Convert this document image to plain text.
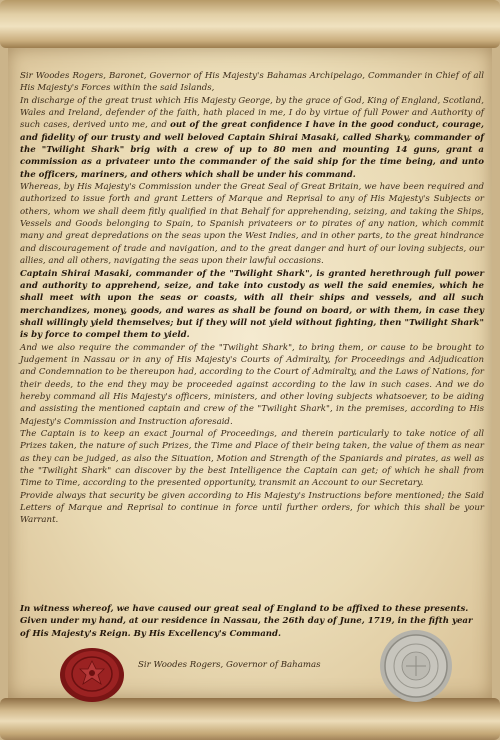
Sir Woodes Rogers, Baronet, Governor of His Majesty's Bahamas Archipelago, Commander in Chief of all His Majesty's Forces within the said Islands,

In discharge of the great trust which His Majesty George, by the grace of God, King of England, Scotland, Wales and Ireland, defender of the faith, hath placed in me, I do by virtue of full Power and Authority of such cases, derived unto me, and out of the great confidence I have in the good conduct, courage, and fidelity of our trusty and well beloved Captain Shirai Masaki, called Sharky, commander of the "Twilight Shark" brig with a crew of up to 80 men and mounting 14 guns, grant a commission as a privateer unto the commander of the said ship for the time being, and unto the officers, mariners, and others which shall be under his command.

Whereas, by His Majesty's Commission under the Great Seal of Great Britain, we have been required and authorized to issue forth and grant Letters of Marque and Reprisal to any of His Majesty's Subjects or others, whom we shall deem fitly qualified in that Behalf for apprehending, seizing, and taking the Ships, Vessels and Goods belonging to Spain, to Spanish privateers or to pirates of any nation, which commit many and great depredations on the seas upon the West Indies, and in other parts, to the great hindrance and discouragement of trade and navigation, and to the great danger and hurt of our loving subjects, our allies, and all others, navigating the seas upon their lawful occasions.

Captain Shirai Masaki, commander of the "Twilight Shark", is granted herethrough full power and authority to apprehend, seize, and take into custody as well the said enemies, which he shall meet with upon the seas or coasts, with all their ships and vessels, and all such merchandizes, money, goods, and wares as shall be found on board, or with them, in case they shall willingly yield themselves; but if they will not yield without fighting, then "Twilight Shark" is by force to compel them to yield.

And we also require the commander of the "Twilight Shark", to bring them, or cause to be brought to Judgement in Nassau or in any of His Majesty's Courts of Admiralty, for Proceedings and Adjudication and Condemnation to be thereupon had, according to the Court of Admiralty, and the Laws of Nations, for their deeds, to the end they may be proceeded against according to the law in such cases. And we do hereby command all His Majesty's officers, ministers, and other loving subjects whatsoever, to be aiding and assisting the mentioned captain and crew of the "Twilight Shark", in the premises, according to His Majesty's Commission and Instruction aforesaid.

The Captain is to keep an exact Journal of Proceedings, and therein particularly to take notice of all Prizes taken, the nature of such Prizes, the Time and Place of their being taken, the value of them as near as they can be judged, as also the Situation, Motion and Strength of the Spaniards and pirates, as well as the "Twilight Shark" can discover by the best Intelligence the Captain can get; of which he shall from Time to Time, according to the presented opportunity, transmit an Account to our Secretary.

Provide always that security be given according to His Majesty's Instructions before mentioned; the Said Letters of Marque and Reprisal to continue in force until further orders, for which this shall be your Warrant.

In witness whereof, we have caused our great seal of England to be affixed to these presents.

Given under my hand, at our residence in Nassau, the 26th day of June, 1719, in the fifth year of His Majesty's Reign. By His Excellency's Command.

Sir Woodes Rogers, Governor of Bahamas
